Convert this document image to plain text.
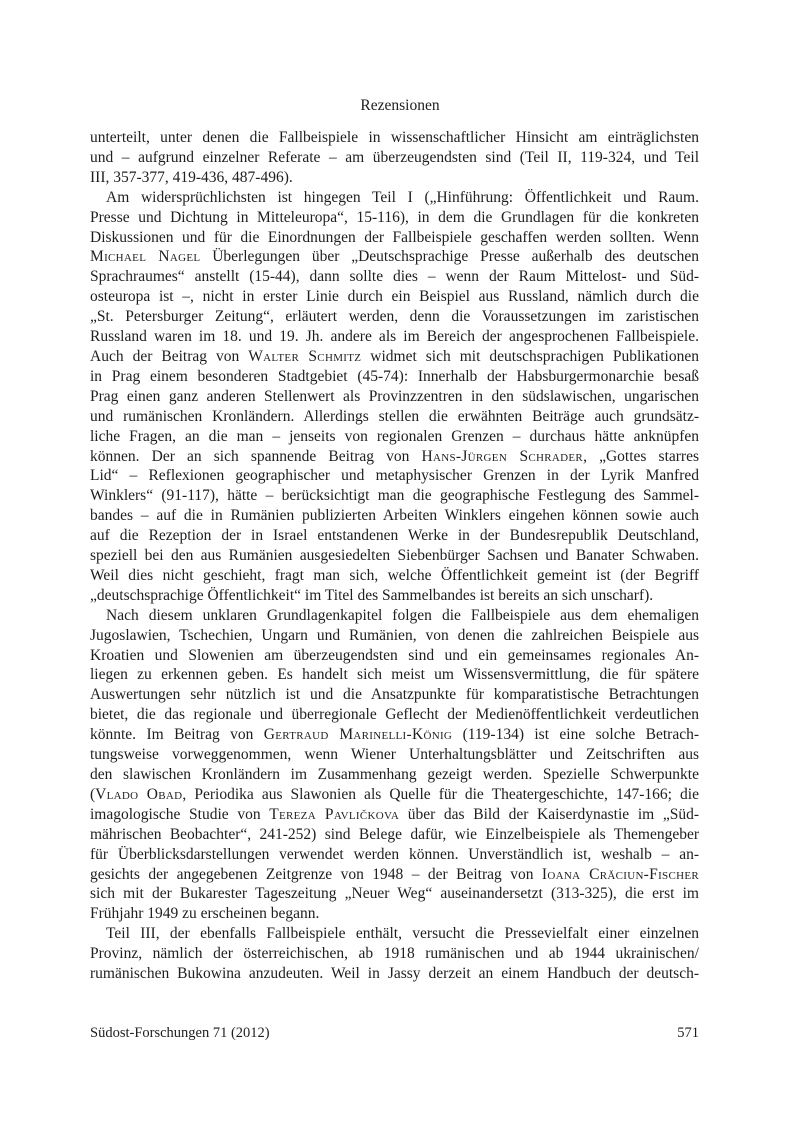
Rezensionen
unterteilt, unter denen die Fallbeispiele in wissenschaftlicher Hinsicht am einträglichsten
und – aufgrund einzelner Referate – am überzeugendsten sind (Teil II, 119-324, und Teil
III, 357-377, 419-436, 487-496).
Am widersprüchlichsten ist hingegen Teil I („Hinführung: Öffentlichkeit und Raum.
Presse und Dichtung in Mitteleuropa“, 15-116), in dem die Grundlagen für die konkreten
Diskussionen und für die Einordnungen der Fallbeispiele geschaffen werden sollten. Wenn
Michael Nagel Überlegungen über „Deutschsprachige Presse außerhalb des deutschen
Sprachraumes“ anstellt (15-44), dann sollte dies – wenn der Raum Mittelost- und Süd-
osteuropa ist –, nicht in erster Linie durch ein Beispiel aus Russland, nämlich durch die
„St. Petersburger Zeitung“, erläutert werden, denn die Voraussetzungen im zaristischen
Russland waren im 18. und 19. Jh. andere als im Bereich der angesprochenen Fallbeispiele.
Auch der Beitrag von Walter Schmitz widmet sich mit deutschsprachigen Publikationen
in Prag einem besonderen Stadtgebiet (45-74): Innerhalb der Habsburgermonarchie besaß
Prag einen ganz anderen Stellenwert als Provinzzentren in den südslawischen, ungarischen
und rumänischen Kronländern. Allerdings stellen die erwähnten Beiträge auch grundsätz-
liche Fragen, an die man – jenseits von regionalen Grenzen – durchaus hätte anknüpfen
können. Der an sich spannende Beitrag von Hans-Jürgen Schrader, „Gottes starres
Lid“ – Reflexionen geographischer und metaphysischer Grenzen in der Lyrik Manfred
Winklers“ (91-117), hätte – berücksichtigt man die geographische Festlegung des Sammel-
bandes – auf die in Rumänien publizierten Arbeiten Winklers eingehen können sowie auch
auf die Rezeption der in Israel entstandenen Werke in der Bundesrepublik Deutschland,
speziell bei den aus Rumänien ausgesiedelten Siebenbürger Sachsen und Banater Schwaben.
Weil dies nicht geschieht, fragt man sich, welche Öffentlichkeit gemeint ist (der Begriff
„deutschsprachige Öffentlichkeit“ im Titel des Sammelbandes ist bereits an sich unscharf).
Nach diesem unklaren Grundlagenkapitel folgen die Fallbeispiele aus dem ehemaligen
Jugoslawien, Tschechien, Ungarn und Rumänien, von denen die zahlreichen Beispiele aus
Kroatien und Slowenien am überzeugendsten sind und ein gemeinsames regionales An-
liegen zu erkennen geben. Es handelt sich meist um Wissensvermittlung, die für spätere
Auswertungen sehr nützlich ist und die Ansatzpunkte für komparatistische Betrachtungen
bietet, die das regionale und überregionale Geflecht der Medienöffentlichkeit verdeutlichen
könnte. Im Beitrag von Gertraud Marinelli-König (119-134) ist eine solche Betrach-
tungsweise vorweggenommen, wenn Wiener Unterhaltungsblätter und Zeitschriften aus
den slawischen Kronländern im Zusammenhang gezeigt werden. Spezielle Schwerpunkte
(Vlado Obad, Periodika aus Slawonien als Quelle für die Theatergeschichte, 147-166; die
imagologische Studie von Tereza Pavličkova über das Bild der Kaiserdynastie im „Süd-
mährischen Beobachter“, 241-252) sind Belege dafür, wie Einzelbeispiele als Themengeber
für Überblicksdarstellungen verwendet werden können. Unverständlich ist, weshalb – an-
gesichts der angegebenen Zeitgrenze von 1948 – der Beitrag von Ioana Crăciun-Fischer
sich mit der Bukarester Tageszeitung „Neuer Weg“ auseinandersetzt (313-325), die erst im
Frühjahr 1949 zu erscheinen begann.
Teil III, der ebenfalls Fallbeispiele enthält, versucht die Pressevielfalt einer einzelnen
Provinz, nämlich der österreichischen, ab 1918 rumänischen und ab 1944 ukrainischen/
rumänischen Bukowina anzudeuten. Weil in Jassy derzeit an einem Handbuch der deutsch-
Südost-Forschungen 71 (2012)	571
